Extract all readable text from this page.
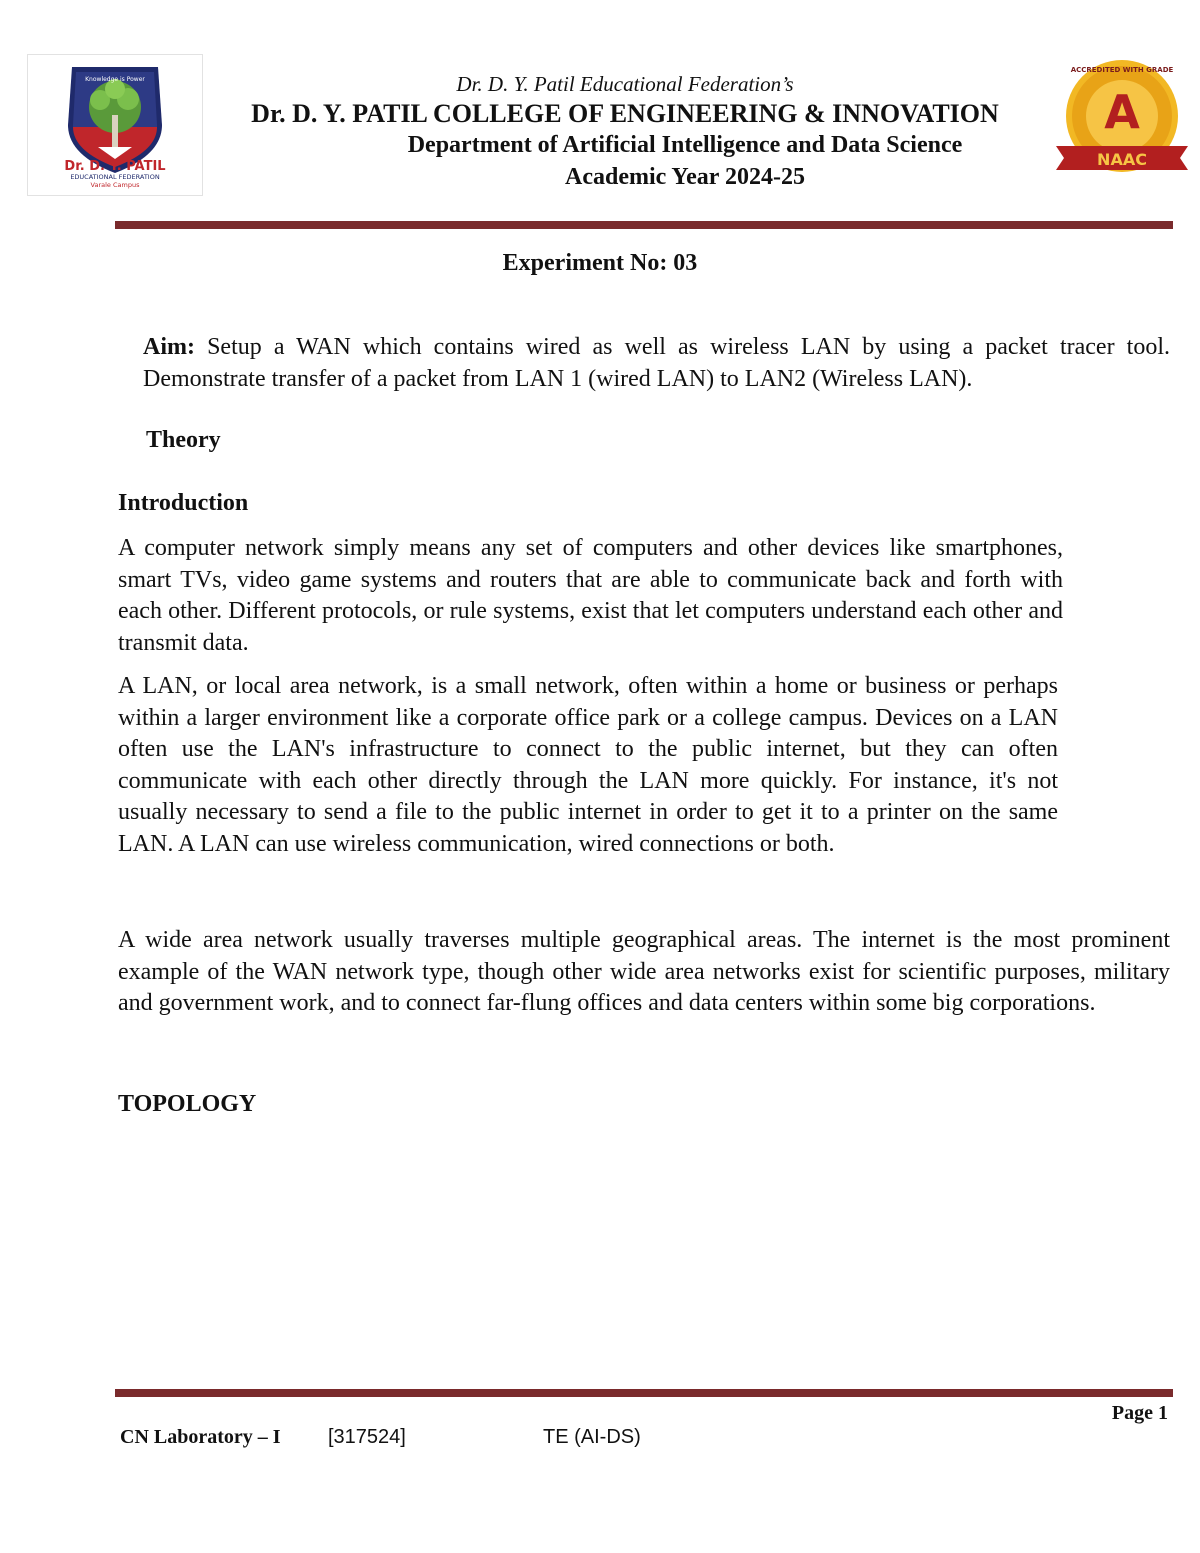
Knowledge is Power
Dr. D. Y. PATIL
EDUCATIONAL FEDERATION
Varale Campus
A
NAAC
ACCREDITED WITH GRADE
Dr. D. Y. Patil Educational Federation’s
Dr. D. Y. PATIL COLLEGE OF ENGINEERING & INNOVATION
Department of Artificial Intelligence and Data Science
Academic Year 2024-25
Experiment No: 03
Aim: Setup a WAN which contains wired as well as wireless LAN by using a packet tracer tool. Demonstrate transfer of a packet from LAN 1 (wired LAN) to LAN2 (Wireless LAN).
Theory
Introduction
A computer network simply means any set of computers and other devices like smartphones, smart TVs, video game systems and routers that are able to communicate back and forth with each other. Different protocols, or rule systems, exist that let computers understand each other and transmit data.
A LAN, or local area network, is a small network, often within a home or business or perhaps within a larger environment like a corporate office park or a college campus. Devices on a LAN often use the LAN's infrastructure to connect to the public internet, but they can often communicate with each other directly through the LAN more quickly. For instance, it's not usually necessary to send a file to the public internet in order to get it to a printer on the same LAN. A LAN can use wireless communication, wired connections or both.
A wide area network usually traverses multiple geographical areas. The internet is the most prominent example of the WAN network type, though other wide area networks exist for scientific purposes, military and government work, and to connect far-flung offices and data centers within some big corporations.
TOPOLOGY
Page 1
CN Laboratory – I [317524]	TE (AI-DS)
